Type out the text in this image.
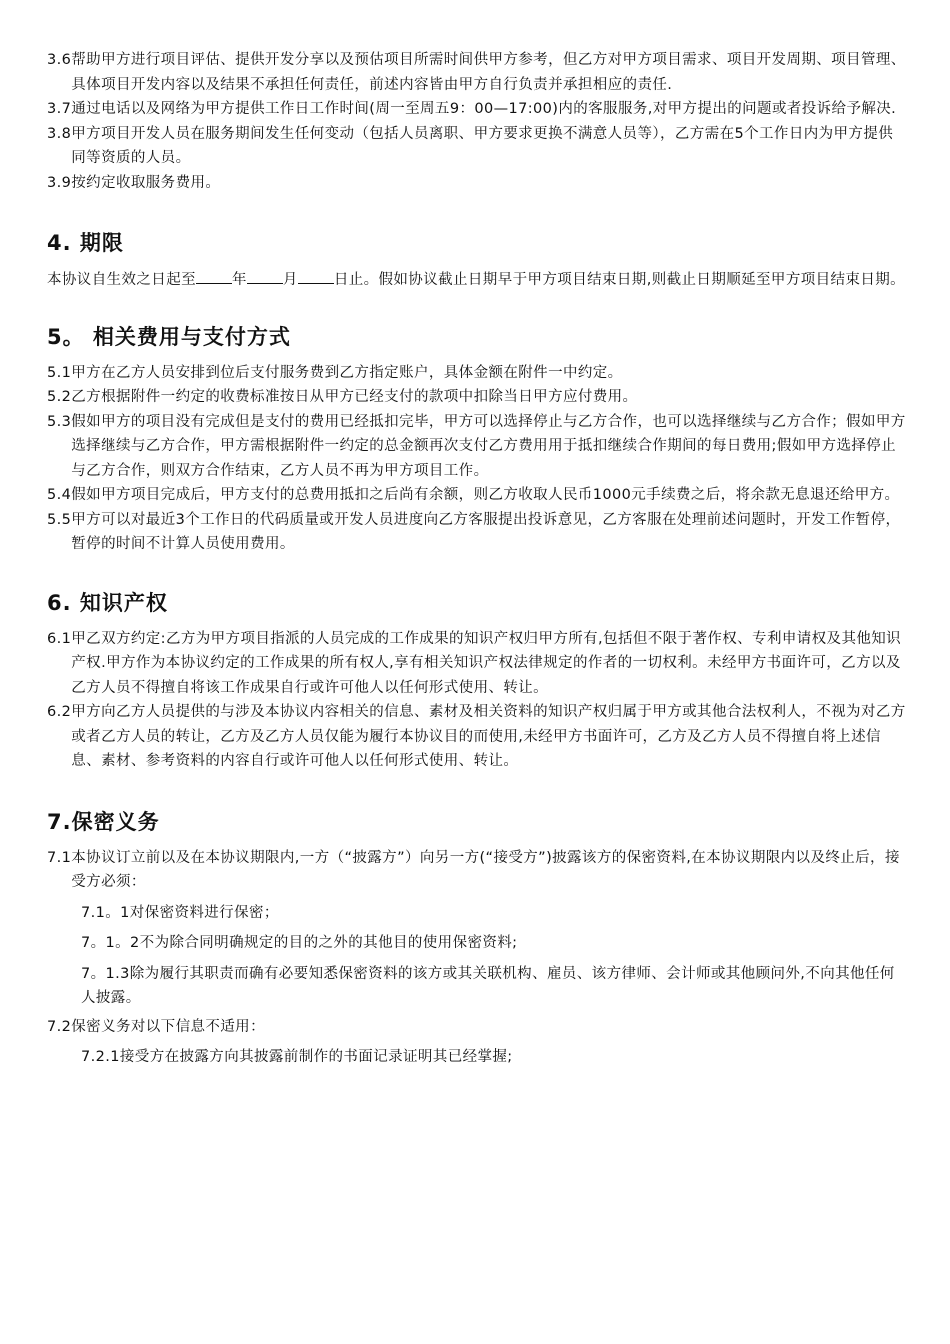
3.6 帮助甲方进行项目评估、提供开发分享以及预估项目所需时间供甲方参考，但乙方对甲方项目需求、项目开发周期、项目管理、具体项目开发内容以及结果不承担任何责任，前述内容皆由甲方自行负责并承担相应的责任.
3.7 通过电话以及网络为甲方提供工作日工作时间(周一至周五9：00—17:00)内的客服服务,对甲方提出的问题或者投诉给予解决.
3.8 甲方项目开发人员在服务期间发生任何变动（包括人员离职、甲方要求更换不满意人员等），乙方需在5个工作日内为甲方提供同等资质的人员。
3.9 按约定收取服务费用。
4. 期限

本协议自生效之日起至 年 月 日止。假如协议截止日期早于甲方项目结束日期,则截止日期顺延至甲方项目结束日期。

5。 相关费用与支付方式
5.1 甲方在乙方人员安排到位后支付服务费到乙方指定账户，具体金额在附件一中约定。
5.2 乙方根据附件一约定的收费标准按日从甲方已经支付的款项中扣除当日甲方应付费用。
5.3 假如甲方的项目没有完成但是支付的费用已经抵扣完毕，甲方可以选择停止与乙方合作，也可以选择继续与乙方合作；假如甲方选择继续与乙方合作，甲方需根据附件一约定的总金额再次支付乙方费用用于抵扣继续合作期间的每日费用;假如甲方选择停止与乙方合作，则双方合作结束，乙方人员不再为甲方项目工作。
5.4 假如甲方项目完成后，甲方支付的总费用抵扣之后尚有余额，则乙方收取人民币1000元手续费之后，将余款无息退还给甲方。
5.5 甲方可以对最近3个工作日的代码质量或开发人员进度向乙方客服提出投诉意见，乙方客服在处理前述问题时，开发工作暂停，暂停的时间不计算人员使用费用。
6. 知识产权
6.1 甲乙双方约定:乙方为甲方项目指派的人员完成的工作成果的知识产权归甲方所有,包括但不限于著作权、专利申请权及其他知识产权.甲方作为本协议约定的工作成果的所有权人,享有相关知识产权法律规定的作者的一切权利。未经甲方书面许可，乙方以及乙方人员不得擅自将该工作成果自行或许可他人以任何形式使用、转让。
6.2 甲方向乙方人员提供的与涉及本协议内容相关的信息、素材及相关资料的知识产权归属于甲方或其他合法权利人，不视为对乙方或者乙方人员的转让，乙方及乙方人员仅能为履行本协议目的而使用,未经甲方书面许可，乙方及乙方人员不得擅自将上述信息、素材、参考资料的内容自行或许可他人以任何形式使用、转让。
7.保密义务
7.1 本协议订立前以及在本协议期限内,一方（“披露方”）向另一方(“接受方”)披露该方的保密资料,在本协议期限内以及终止后，接受方必须：

7.1。1对保密资料进行保密；

7。1。2不为除合同明确规定的目的之外的其他目的使用保密资料;

7。1.3除为履行其职责而确有必要知悉保密资料的该方或其关联机构、雇员、该方律师、会计师或其他顾问外,不向其他任何人披露。

7.2 保密义务对以下信息不适用：

7.2.1接受方在披露方向其披露前制作的书面记录证明其已经掌握;
